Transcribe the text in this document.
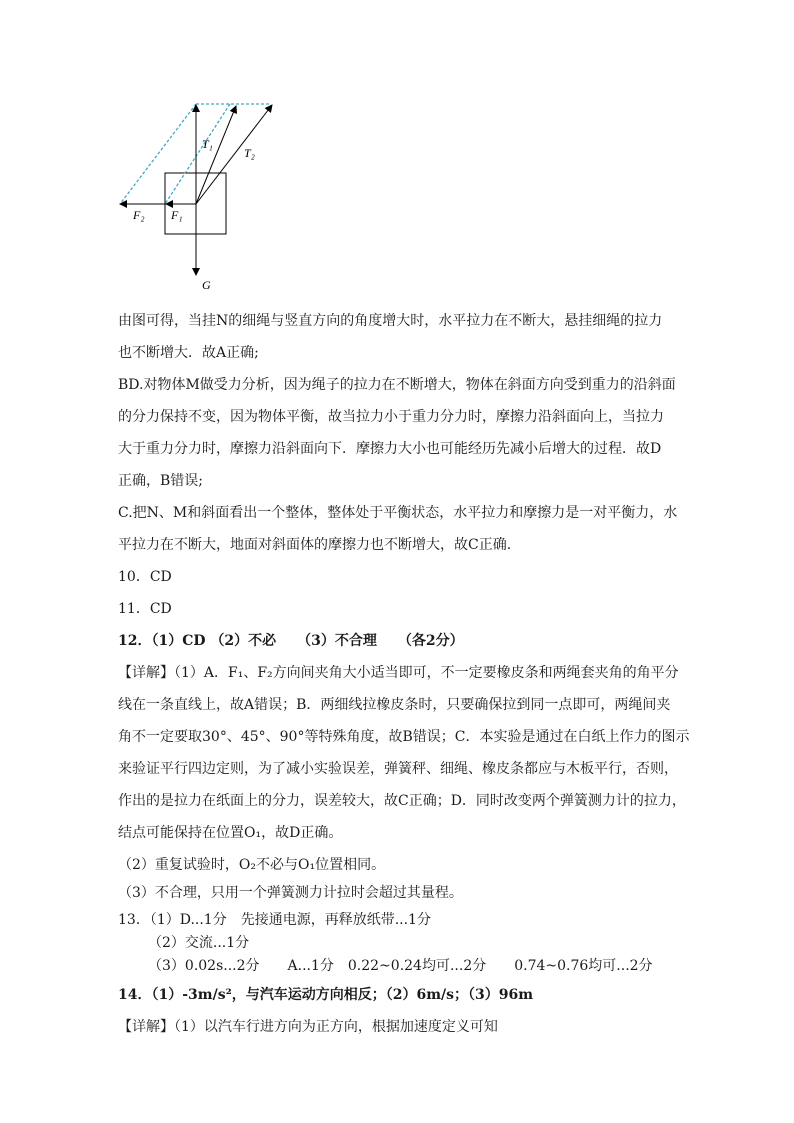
T₁
T₂
F₁
F₂
G
由图可得，当挂N的细绳与竖直方向的角度增大时，水平拉力在不断大，悬挂细绳的拉力
也不断增大．故A正确;
BD.对物体M做受力分析，因为绳子的拉力在不断增大，物体在斜面方向受到重力的沿斜面
的分力保持不变，因为物体平衡，故当拉力小于重力分力时，摩擦力沿斜面向上，当拉力
大于重力分力时，摩擦力沿斜面向下．摩擦力大小也可能经历先减小后增大的过程．故D
正确，B错误;
C.把N、M和斜面看出一个整体，整体处于平衡状态，水平拉力和摩擦力是一对平衡力，水
平拉力在不断大，地面对斜面体的摩擦力也不断增大，故C正确.
10．CD
11．CD
12．（1）CD （2）不必　　（3）不合理　　（各2分）
【详解】（1）A．F₁、F₂方向间夹角大小适当即可，不一定要橡皮条和两绳套夹角的角平分
线在一条直线上，故A错误；B．两细线拉橡皮条时，只要确保拉到同一点即可，两绳间夹
角不一定要取30°、45°、90°等特殊角度，故B错误；C．本实验是通过在白纸上作力的图示
来验证平行四边定则，为了减小实验误差，弹簧秤、细绳、橡皮条都应与木板平行，否则，
作出的是拉力在纸面上的分力，误差较大，故C正确；D．同时改变两个弹簧测力计的拉力，
结点可能保持在位置O₁，故D正确。
（2）重复试验时，O₂不必与O₁位置相同。
（3）不合理，只用一个弹簧测力计拉时会超过其量程。
13．（1）D...1分　先接通电源，再释放纸带...1分
（2）交流...1分
（3）0.02s...2分　　A...1分　0.22~0.24均可...2分　　0.74~0.76均可...2分
14．（1）-3m/s²，与汽车运动方向相反；（2）6m/s；（3）96m
【详解】（1）以汽车行进方向为正方向，根据加速度定义可知
